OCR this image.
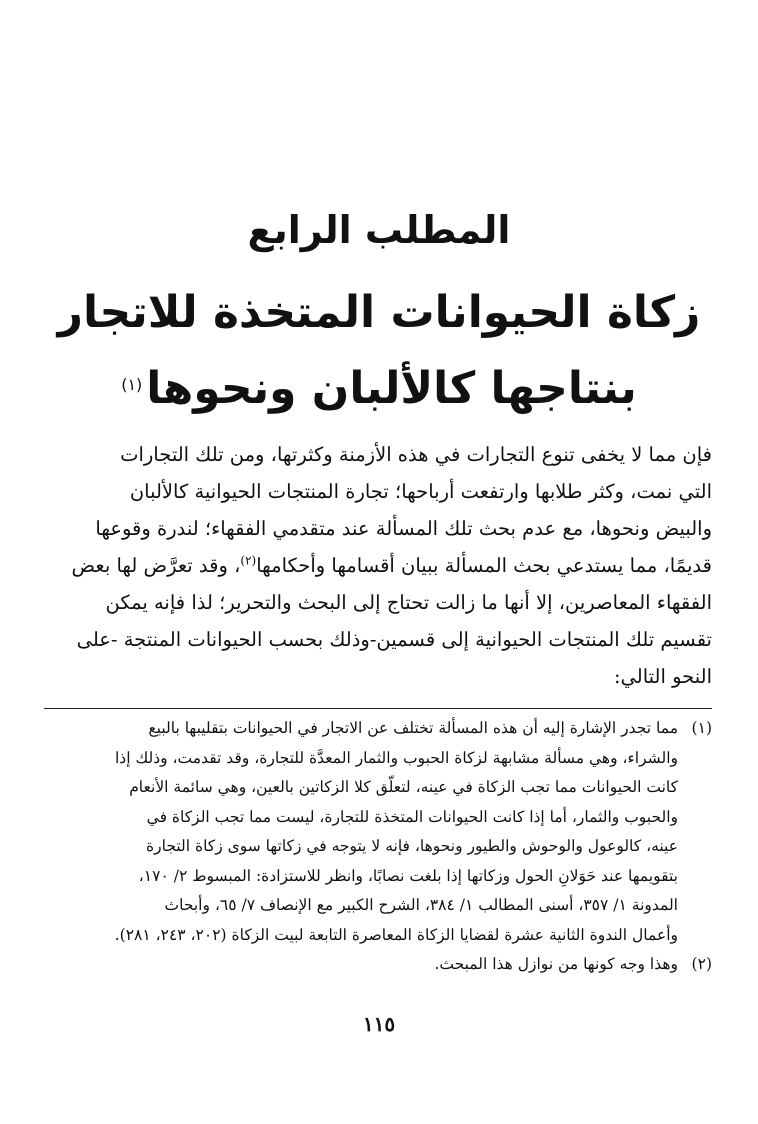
المطلب الرابع
زكاة الحيوانات المتخذة للاتجار
بنتاجها كالألبان ونحوها$^{(١)}$
فإن مما لا يخفى تنوع التجارات في هذه الأزمنة وكثرتها، ومن تلك التجارات
التي نمت، وكثر طلابها وارتفعت أرباحها؛ تجارة المنتجات الحيوانية كالألبان
والبيض ونحوها، مع عدم بحث تلك المسألة عند متقدمي الفقهاء؛ لندرة وقوعها
قديمًا، مما يستدعي بحث المسألة ببيان أقسامها وأحكامها$^{(٢)}$، وقد تعرَّض لها بعض
الفقهاء المعاصرين، إلا أنها ما زالت تحتاج إلى البحث والتحرير؛ لذا فإنه يمكن
تقسيم تلك المنتجات الحيوانية إلى قسمين-وذلك بحسب الحيوانات المنتجة -على
النحو التالي:
(١)مما تجدر الإشارة إليه أن هذه المسألة تختلف عن الاتجار في الحيوانات بتقليبها بالبيع
والشراء، وهي مسألة مشابهة لزكاة الحبوب والثمار المعدَّة للتجارة، وقد تقدمت، وذلك إذا
كانت الحيوانات مما تجب الزكاة في عينه، لتعلّق كلا الزكاتين بالعين، وهي سائمة الأنعام
والحبوب والثمار، أما إذا كانت الحيوانات المتخذة للتجارة، ليست مما تجب الزكاة في
عينه، كالوعول والوحوش والطيور ونحوها، فإنه لا يتوجه في زكاتها سوى زكاة التجارة
بتقويمها عند حَوَلانِ الحول وزكاتها إذا بلغت نصابًا، وانظر للاستزادة: المبسوط ٢/ ١٧٠،
المدونة ١/ ٣٥٧، أسنى المطالب ١/ ٣٨٤، الشرح الكبير مع الإنصاف ٧/ ٦٥، وأبحاث
وأعمال الندوة الثانية عشرة لقضايا الزكاة المعاصرة التابعة لبيت الزكاة (٢٠٢، ٢٤٣، ٢٨١).
(٢)وهذا وجه كونها من نوازل هذا المبحث.
١١٥
